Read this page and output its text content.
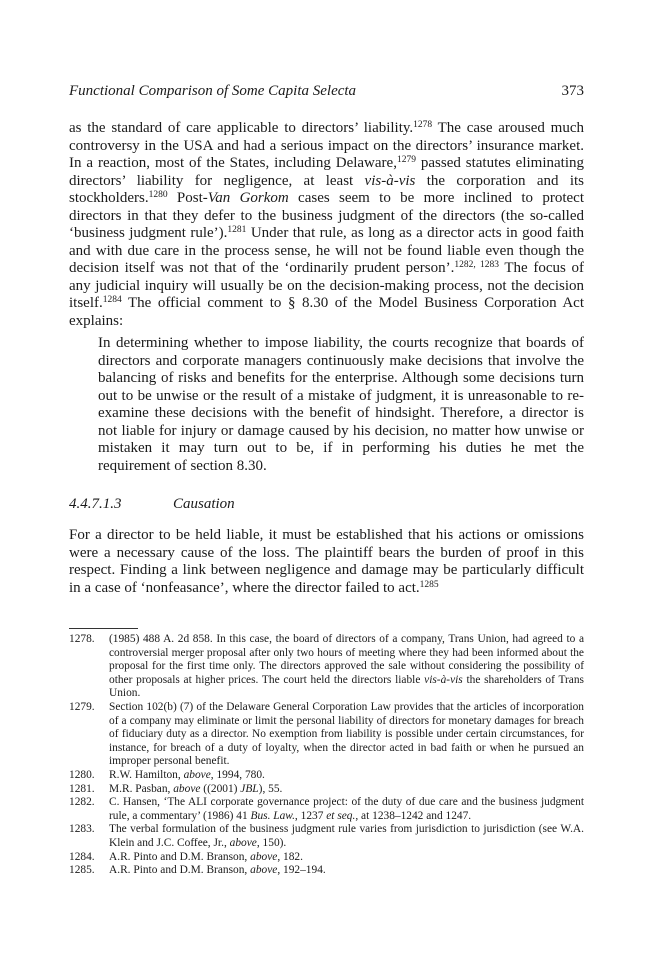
Functional Comparison of Some Capita Selecta	373

as the standard of care applicable to directors’ liability.$^{1278}$ The case aroused much controversy in the USA and had a serious impact on the directors’ insurance market. In a reaction, most of the States, including Delaware,$^{1279}$ passed statutes eliminating directors’ liability for negligence, at least vis-à-vis the corporation and its stockholders.$^{1280}$ Post-Van Gorkom cases seem to be more inclined to protect directors in that they defer to the business judgment of the directors (the so-called ‘business judgment rule’).$^{1281}$ Under that rule, as long as a director acts in good faith and with due care in the process sense, he will not be found liable even though the decision itself was not that of the ‘ordinarily prudent person’.$^{1282, 1283}$ The focus of any judicial inquiry will usually be on the decision-making process, not the decision itself.$^{1284}$ The official comment to § 8.30 of the Model Business Corporation Act explains:

In determining whether to impose liability, the courts recognize that boards of directors and corporate managers continuously make decisions that involve the balancing of risks and benefits for the enterprise. Although some decisions turn out to be unwise or the result of a mistake of judgment, it is unreasonable to re-examine these decisions with the benefit of hindsight. Therefore, a director is not liable for injury or damage caused by his decision, no matter how unwise or mistaken it may turn out to be, if in performing his duties he met the requirement of section 8.30.

4.4.7.1.3	Causation

For a director to be held liable, it must be established that his actions or omissions were a necessary cause of the loss. The plaintiff bears the burden of proof in this respect. Finding a link between negligence and damage may be particularly difficult in a case of ‘nonfeasance’, where the director failed to act.$^{1285}$

1278. (1985) 488 A. 2d 858. In this case, the board of directors of a company, Trans Union, had agreed to a controversial merger proposal after only two hours of meeting where they had been informed about the proposal for the first time only. The directors approved the sale without considering the possibility of other proposals at higher prices. The court held the directors liable vis-à-vis the shareholders of Trans Union.
1279. Section 102(b) (7) of the Delaware General Corporation Law provides that the articles of incorporation of a company may eliminate or limit the personal liability of directors for monetary damages for breach of fiduciary duty as a director. No exemption from liability is possible under certain circumstances, for instance, for breach of a duty of loyalty, when the director acted in bad faith or when he pursued an improper personal benefit.
1280. R.W. Hamilton, above, 1994, 780.
1281. M.R. Pasban, above ((2001) JBL), 55.
1282. C. Hansen, ‘The ALI corporate governance project: of the duty of due care and the business judgment rule, a commentary’ (1986) 41 Bus. Law., 1237 et seq., at 1238–1242 and 1247.
1283. The verbal formulation of the business judgment rule varies from jurisdiction to jurisdiction (see W.A. Klein and J.C. Coffee, Jr., above, 150).
1284. A.R. Pinto and D.M. Branson, above, 182.
1285. A.R. Pinto and D.M. Branson, above, 192–194.
